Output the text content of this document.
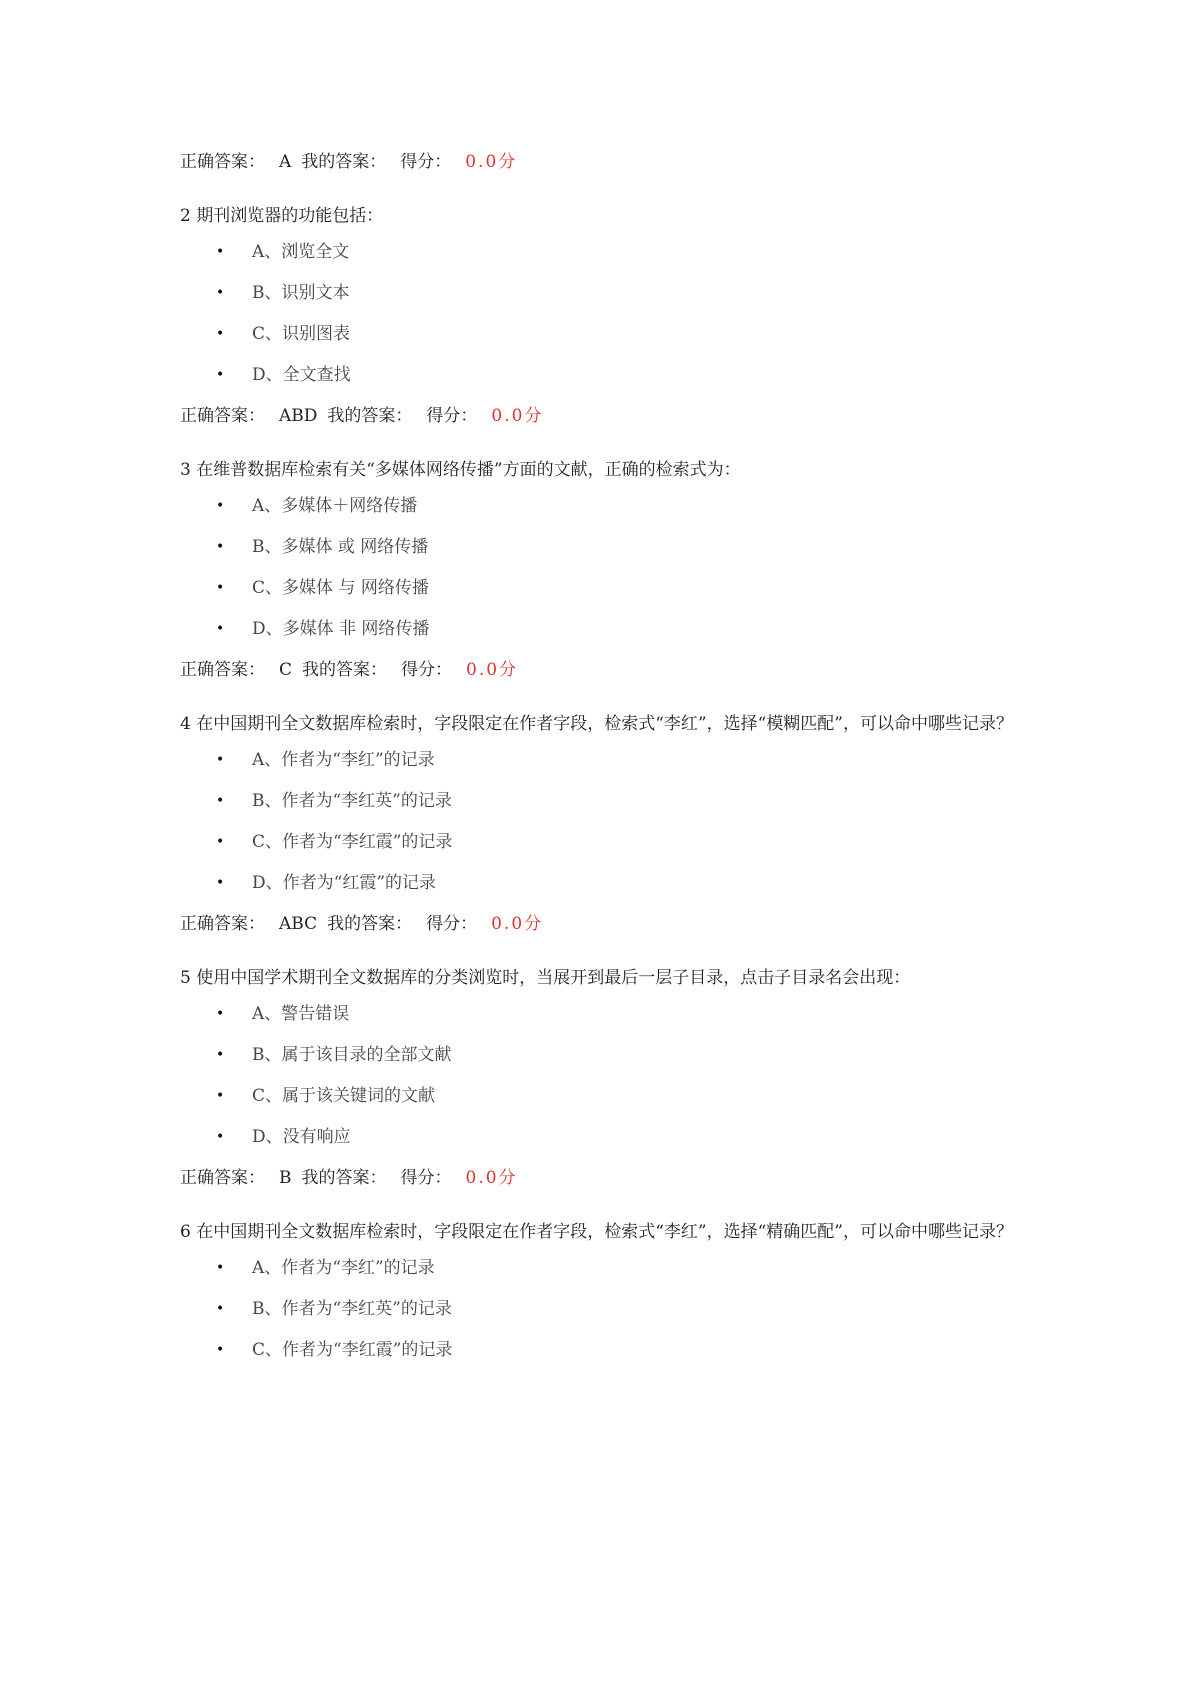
正确答案： A 我的答案： 得分： 0.0分
2 期刊浏览器的功能包括：
• A、浏览全文
• B、识别文本
• C、识别图表
• D、全文查找
正确答案： ABD 我的答案： 得分： 0.0分
3 在维普数据库检索有关“多媒体网络传播”方面的文献，正确的检索式为：
• A、多媒体＋网络传播
• B、多媒体 或 网络传播
• C、多媒体 与 网络传播
• D、多媒体 非 网络传播
正确答案： C 我的答案： 得分： 0.0分
4 在中国期刊全文数据库检索时，字段限定在作者字段，检索式“李红”，选择“模糊匹配”，可以命中哪些记录？
• A、作者为“李红”的记录
• B、作者为“李红英”的记录
• C、作者为“李红霞”的记录
• D、作者为“红霞”的记录
正确答案： ABC 我的答案： 得分： 0.0分
5 使用中国学术期刊全文数据库的分类浏览时，当展开到最后一层子目录，点击子目录名会出现：
• A、警告错误
• B、属于该目录的全部文献
• C、属于该关键词的文献
• D、没有响应
正确答案： B 我的答案： 得分： 0.0分
6 在中国期刊全文数据库检索时，字段限定在作者字段，检索式“李红”，选择“精确匹配”，可以命中哪些记录？
• A、作者为“李红”的记录
• B、作者为“李红英”的记录
• C、作者为“李红霞”的记录
